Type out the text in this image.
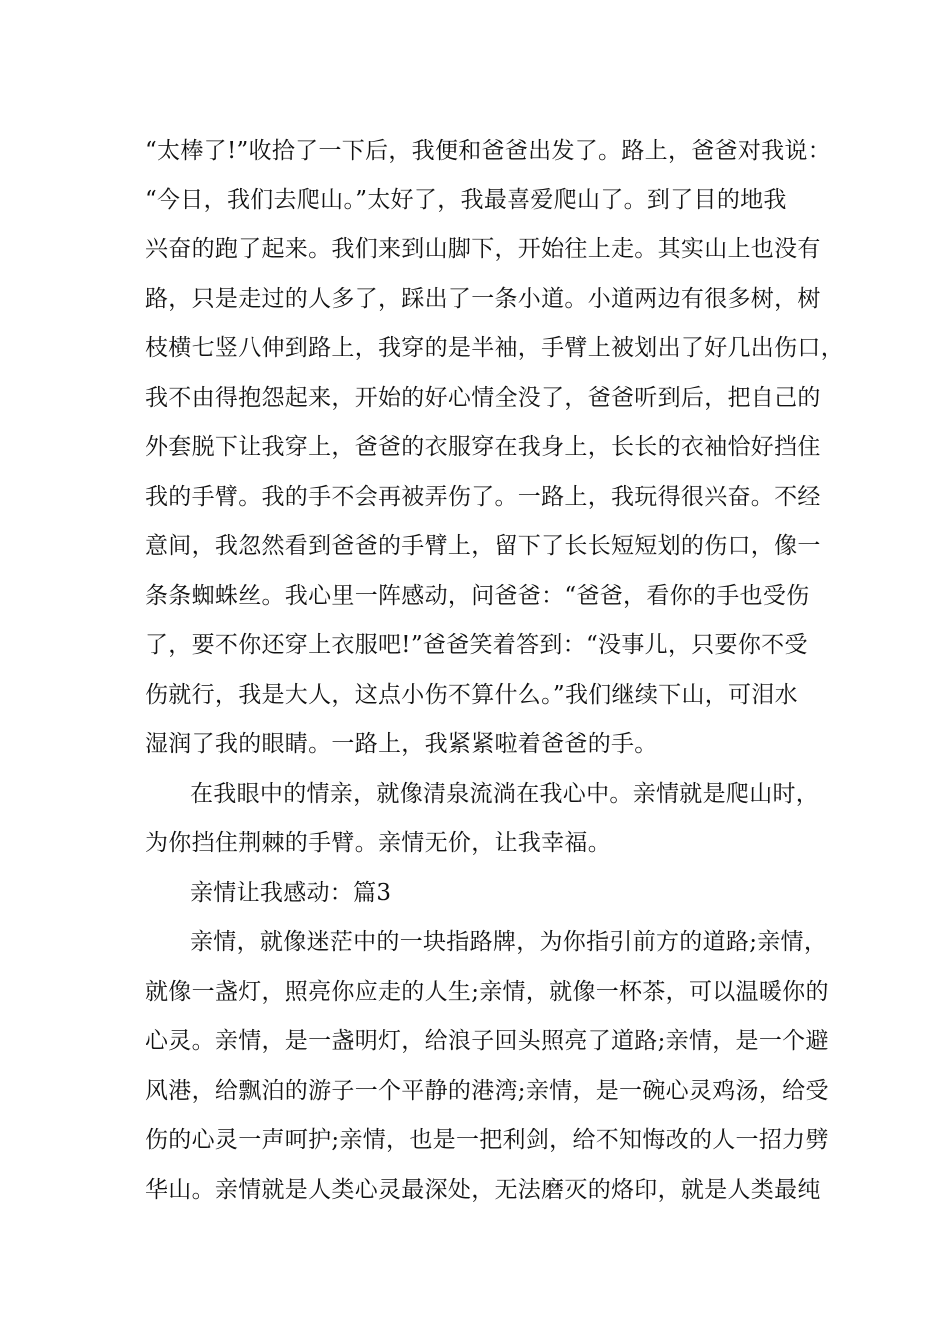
“太棒了!”收拾了一下后，我便和爸爸出发了。路上，爸爸对我说：
“今日，我们去爬山。”太好了，我最喜爱爬山了。到了目的地我
兴奋的跑了起来。我们来到山脚下，开始往上走。其实山上也没有
路，只是走过的人多了，踩出了一条小道。小道两边有很多树，树
枝横七竖八伸到路上，我穿的是半袖，手臂上被划出了好几出伤口，
我不由得抱怨起来，开始的好心情全没了，爸爸听到后，把自己的
外套脱下让我穿上，爸爸的衣服穿在我身上，长长的衣袖恰好挡住
我的手臂。我的手不会再被弄伤了。一路上，我玩得很兴奋。不经
意间，我忽然看到爸爸的手臂上，留下了长长短短划的伤口，像一
条条蜘蛛丝。我心里一阵感动，问爸爸：“爸爸，看你的手也受伤
了，要不你还穿上衣服吧!”爸爸笑着答到：“没事儿，只要你不受
伤就行，我是大人，这点小伤不算什么。”我们继续下山，可泪水
湿润了我的眼睛。一路上，我紧紧啦着爸爸的手。
在我眼中的情亲，就像清泉流淌在我心中。亲情就是爬山时，
为你挡住荆棘的手臂。亲情无价，让我幸福。
亲情让我感动：篇3
亲情，就像迷茫中的一块指路牌，为你指引前方的道路;亲情，
就像一盏灯，照亮你应走的人生;亲情，就像一杯茶，可以温暖你的
心灵。亲情，是一盏明灯，给浪子回头照亮了道路;亲情，是一个避
风港，给飘泊的游子一个平静的港湾;亲情，是一碗心灵鸡汤，给受
伤的心灵一声呵护;亲情，也是一把利剑，给不知悔改的人一招力劈
华山。亲情就是人类心灵最深处，无法磨灭的烙印，就是人类最纯
